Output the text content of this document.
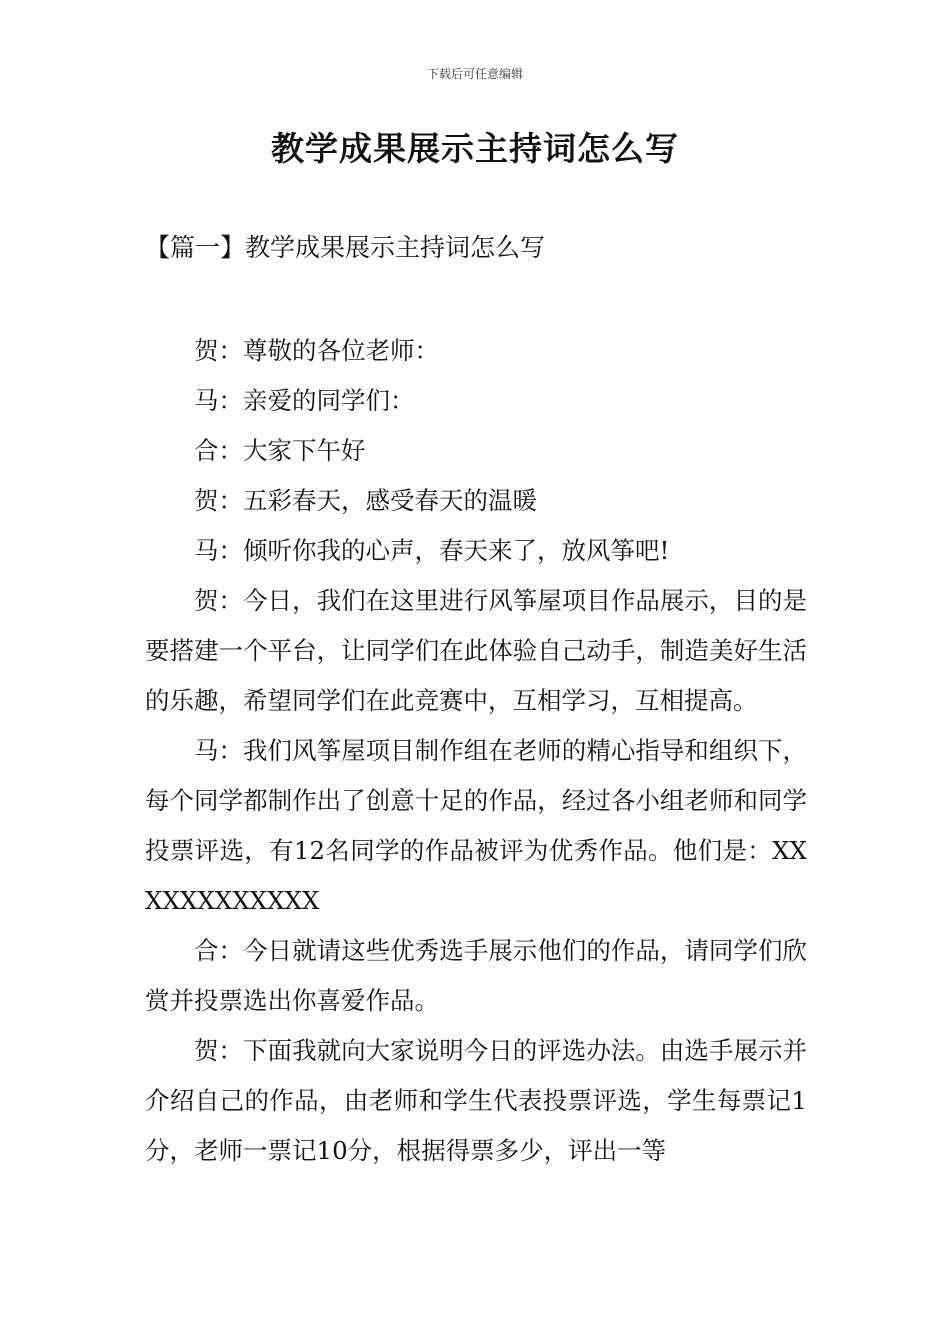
下载后可任意编辑
教学成果展示主持词怎么写
【篇一】教学成果展示主持词怎么写

贺：尊敬的各位老师：

马：亲爱的同学们：

合：大家下午好

贺：五彩春天，感受春天的温暖

马：倾听你我的心声，春天来了，放风筝吧!

贺：今日，我们在这里进行风筝屋项目作品展示，目的是要搭建一个平台，让同学们在此体验自己动手，制造美好生活的乐趣，希望同学们在此竞赛中，互相学习，互相提高。

马：我们风筝屋项目制作组在老师的精心指导和组织下，每个同学都制作出了创意十足的作品，经过各小组老师和同学投票评选，有12名同学的作品被评为优秀作品。他们是：XXXXXXXXXXXX

合：今日就请这些优秀选手展示他们的作品，请同学们欣赏并投票选出你喜爱作品。

贺：下面我就向大家说明今日的评选办法。由选手展示并介绍自己的作品，由老师和学生代表投票评选，学生每票记1分，老师一票记10分，根据得票多少，评出一等
